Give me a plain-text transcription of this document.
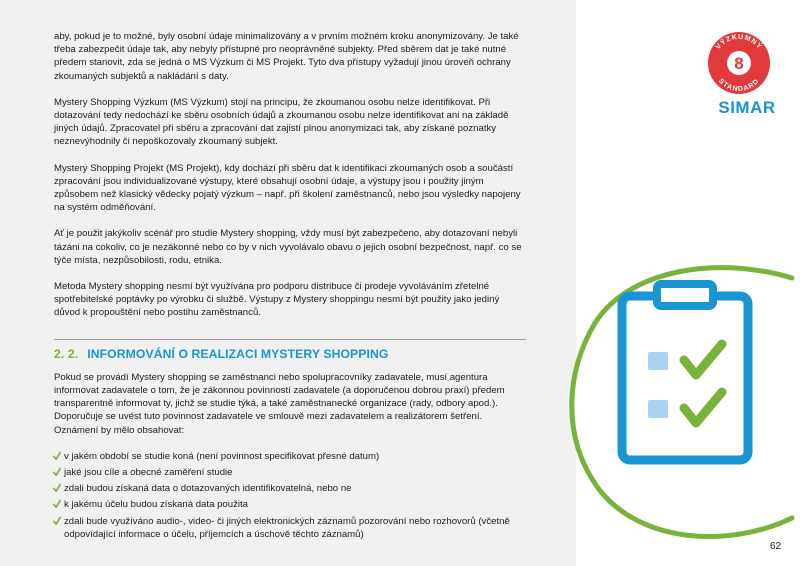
aby, pokud je to možné, byly osobní údaje minimalizovány a v prvním možném kroku anonymizovány. Je také třeba zabezpečit údaje tak, aby nebyly přístupné pro neoprávněné subjekty. Před sběrem dat je také nutné předem stanovit, zda se jedná o MS Výzkum či MS Projekt. Tyto dva přístupy vyžadují jinou úroveň ochrany zkoumaných subjektů a nakládání s daty.

Mystery Shopping Výzkum (MS Výzkum) stojí na principu, že zkoumanou osobu nelze identifikovat. Při dotazování tedy nedochází ke sběru osobních údajů a zkoumanou osobu nelze identifikovat ani na základě jiných údajů. Zpracovatel při sběru a zpracování dat zajistí plnou anonymizaci tak, aby získané poznatky neznevýhodnily či nepoškozovaly zkoumaný subjekt.

Mystery Shopping Projekt (MS Projekt), kdy dochází při sběru dat k identifikaci zkoumaných osob a součástí zpracování jsou individualizované výstupy, které obsahují osobní údaje, a výstupy jsou i použity jiným způsobem než klasický vědecky pojatý výzkum – např. při školení zaměstnanců, nebo jsou výsledky napojeny na systém odměňování.

Ať je použit jakýkoliv scénář pro studie Mystery shopping, vždy musí být zabezpečeno, aby dotazovaní nebyli tázáni na cokoliv, co je nezákonné nebo co by v nich vyvolávalo obavu o jejich osobní bezpečnost, např. co se týče místa, nezpůsobilosti, rodu, etnika.

Metoda Mystery shopping nesmí být využívána pro podporu distribuce či prodeje vyvoláváním zřetelné spotřebitelské poptávky po výrobku či službě. Výstupy z Mystery shoppingu nesmí být použity jako jediný důvod k propouštění nebo postihu zaměstnanců.

2. 2. INFORMOVÁNÍ O REALIZACI MYSTERY SHOPPING

Pokud se provádí Mystery shopping se zaměstnanci nebo spolupracovníky zadavatele, musí agentura informovat zadavatele o tom, že je zákonnou povinností zadavatele (a doporučenou dobrou praxí) předem transparentně informovat ty, jichž se studie týká, a také zaměstnanecké organizace (rady, odbory apod.). Doporučuje se uvést tuto povinnost zadavatele ve smlouvě mezi zadavatelem a realizátorem šetření. Oznámení by mělo obsahovat:

v jakém období se studie koná (není povinnost specifikovat přesné datum)
jaké jsou cíle a obecné zaměření studie
zdali budou získaná data o dotazovaných identifikovatelná, nebo ne
k jakému účelu budou získaná data použita
zdali bude využíváno audio-, video- či jiných elektronických záznamů pozorování nebo rozhovorů (včetně odpovídající informace o účelu, příjemcích a úschově těchto záznamů)
8
VÝZKUMNÝ
STANDARD
SIMAR
62
